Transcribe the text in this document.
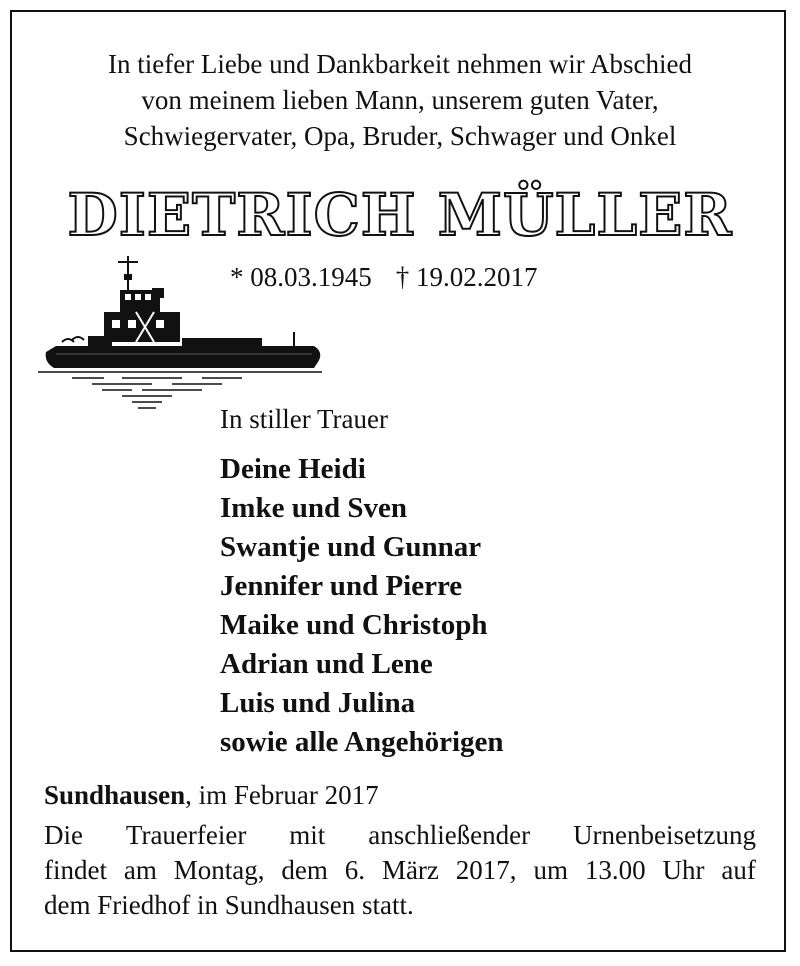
In tiefer Liebe und Dankbarkeit nehmen wir Abschied
von meinem lieben Mann, unserem guten Vater,
Schwiegervater, Opa, Bruder, Schwager und Onkel
DIETRICH MÜLLER
* 08.03.1945 † 19.02.2017
In stiller Trauer
Deine Heidi
Imke und Sven
Swantje und Gunnar
Jennifer und Pierre
Maike und Christoph
Adrian und Lene
Luis und Julina
sowie alle Angehörigen
Sundhausen, im Februar 2017
Die Trauerfeier mit anschließender Urnenbeisetzung
findet am Montag, dem 6. März 2017, um 13.00 Uhr auf
dem Friedhof in Sundhausen statt.
